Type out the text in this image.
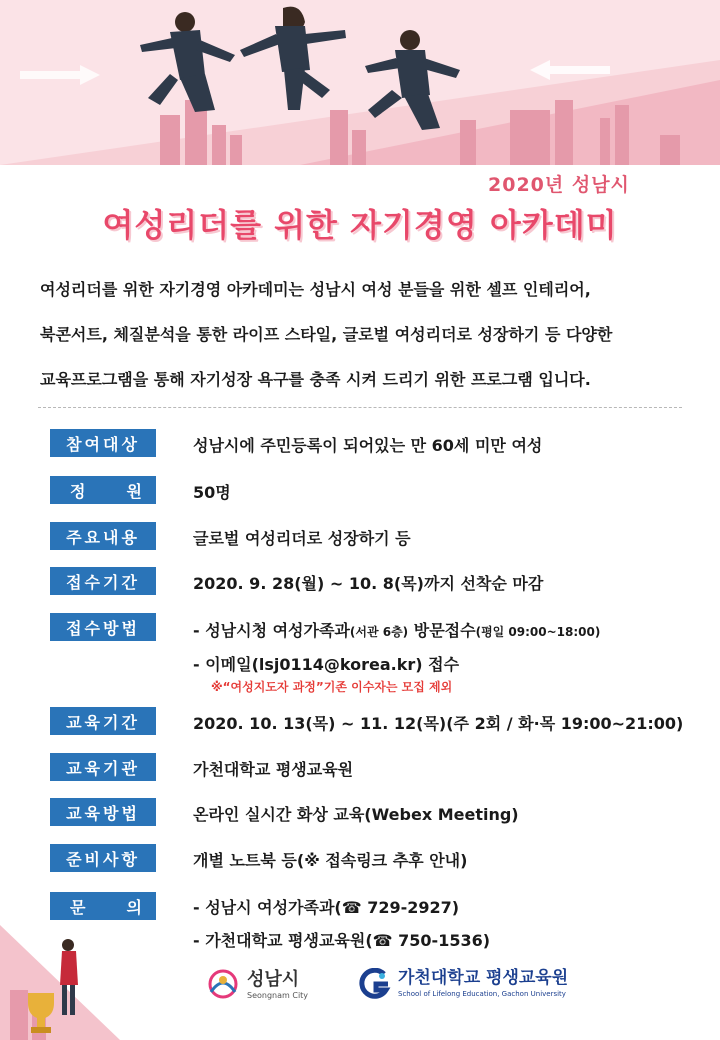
2020년 성남시
여성리더를 위한 자기경영 아카데미

여성리더를 위한 자기경영 아카데미는 성남시 여성 분들을 위한 셀프 인테리어,

북콘서트, 체질분석을 통한 라이프 스타일, 글로벌 여성리더로 성장하기 등 다양한

교육프로그램을 통해 자기성장 욕구를 충족 시켜 드리기 위한 프로그램 입니다.

참여대상	성남시에 주민등록이 되어있는 만 60세 미만 여성
정	원	50명
주요내용	글로벌 여성리더로 성장하기 등
접수기간	2020. 9. 28(월) ~ 10. 8(목)까지 선착순 마감
접수방법	- 성남시청 여성가족과(서관 6층) 방문접수(평일 09:00~18:00)
- 이메일(lsj0114@korea.kr) 접수
※“여성지도자 과정”기존 이수자는 모집 제외
교육기간	2020. 10. 13(목) ~ 11. 12(목)(주 2회 / 화·목 19:00~21:00)
교육기관	가천대학교 평생교육원
교육방법	온라인 실시간 화상 교육(Webex Meeting)
준비사항	개별 노트북 등(※ 접속링크 추후 안내)
문	의	- 성남시 여성가족과(☎ 729-2927)
- 가천대학교 평생교육원(☎ 750-1536)
성남시
Seongnam City
가천대학교 평생교육원
School of Lifelong Education, Gachon University
